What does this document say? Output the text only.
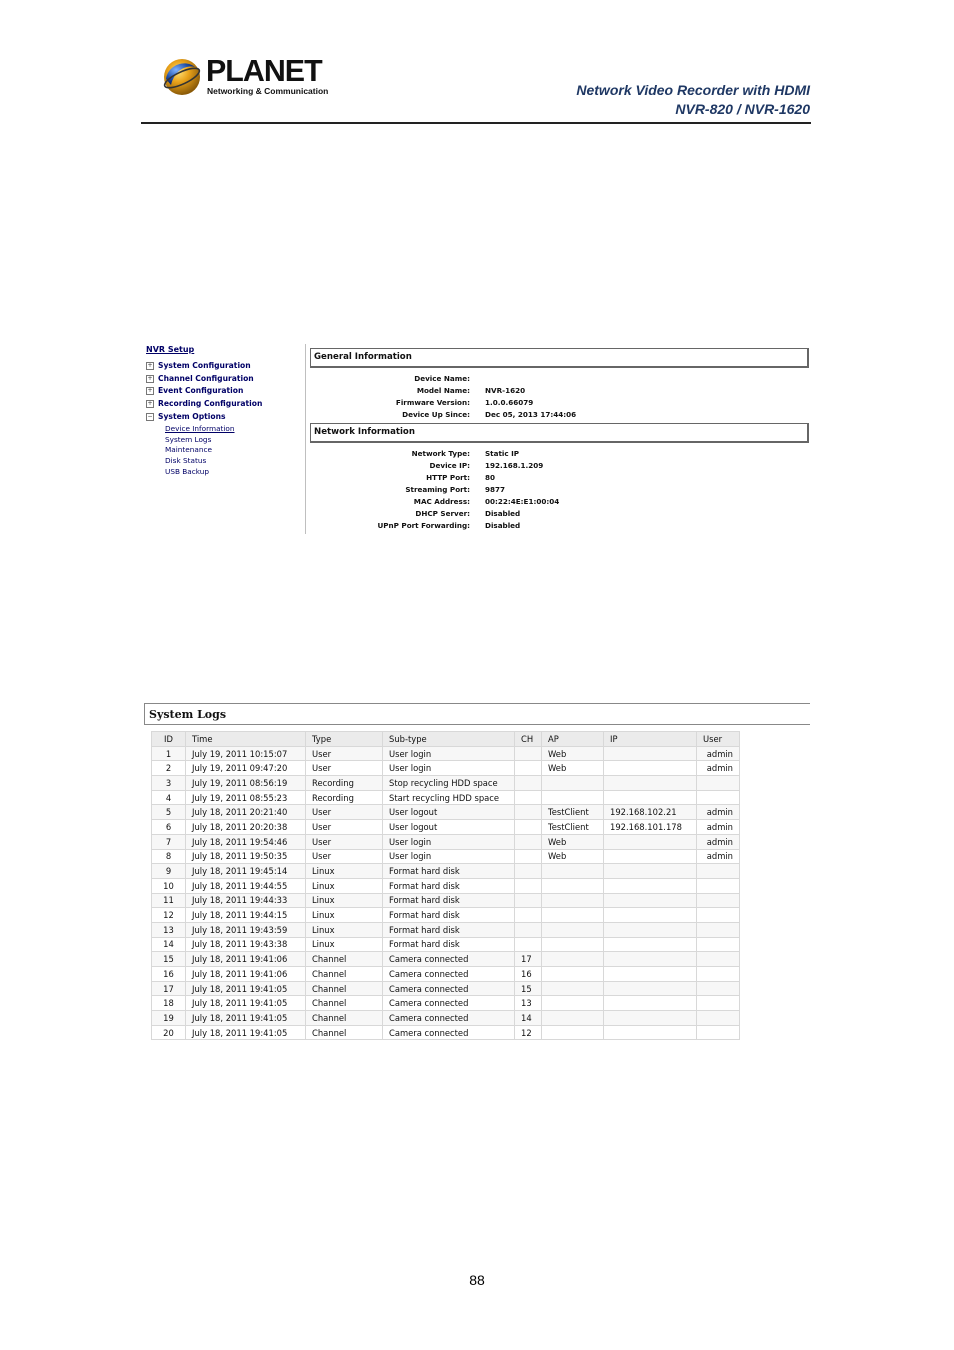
PLANET
Networking & Communication	Network Video Recorder with HDMI
NVR-820 / NVR-1620
NVR Setup
+ System Configuration
+ Channel Configuration
+ Event Configuration
+ Recording Configuration
− System Options
Device Information
System Logs
Maintenance
Disk Status
USB Backup
General Information
Device Name:
Model Name: NVR-1620
Firmware Version: 1.0.0.66079
Device Up Since: Dec 05, 2013 17:44:06
Network Information
Network Type: Static IP
Device IP: 192.168.1.209
HTTP Port: 80
Streaming Port: 9877
MAC Address: 00:22:4E:E1:00:04
DHCP Server: Disabled
UPnP Port Forwarding: Disabled
System Logs
ID	Time	Type	Sub-type	CH	AP	IP	User
1	July 19, 2011 10:15:07	User	User login		Web		admin
2	July 19, 2011 09:47:20	User	User login		Web		admin
3	July 19, 2011 08:56:19	Recording	Stop recycling HDD space				
4	July 19, 2011 08:55:23	Recording	Start recycling HDD space				
5	July 18, 2011 20:21:40	User	User logout		TestClient	192.168.102.21	admin
6	July 18, 2011 20:20:38	User	User logout		TestClient	192.168.101.178	admin
7	July 18, 2011 19:54:46	User	User login		Web		admin
8	July 18, 2011 19:50:35	User	User login		Web		admin
9	July 18, 2011 19:45:14	Linux	Format hard disk				
10	July 18, 2011 19:44:55	Linux	Format hard disk				
11	July 18, 2011 19:44:33	Linux	Format hard disk				
12	July 18, 2011 19:44:15	Linux	Format hard disk				
13	July 18, 2011 19:43:59	Linux	Format hard disk				
14	July 18, 2011 19:43:38	Linux	Format hard disk				
15	July 18, 2011 19:41:06	Channel	Camera connected	17			
16	July 18, 2011 19:41:06	Channel	Camera connected	16			
17	July 18, 2011 19:41:05	Channel	Camera connected	15			
18	July 18, 2011 19:41:05	Channel	Camera connected	13			
19	July 18, 2011 19:41:05	Channel	Camera connected	14			
20	July 18, 2011 19:41:05	Channel	Camera connected	12			
88
